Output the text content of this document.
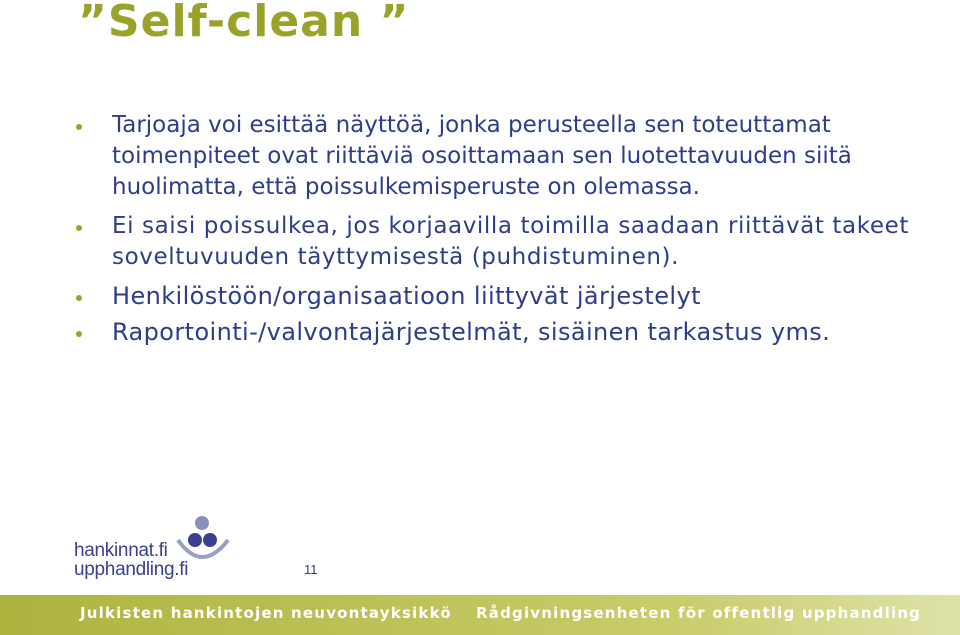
”Self-clean ”
Tarjoaja voi esittää näyttöä, jonka perusteella sen toteuttamat toimenpiteet ovat riittäviä osoittamaan sen luotettavuuden siitä huolimatta, että poissulkemisperuste on olemassa.
Ei saisi poissulkea, jos korjaavilla toimilla saadaan riittävät takeet soveltuvuuden täyttymisestä (puhdistuminen).
Henkilöstöön/organisaatioon liittyvät järjestelyt
Raportointi-/valvontajärjestelmät, sisäinen tarkastus yms.
hankinnat.fi
upphandling.fi	11
Julkisten hankintojen neuvontayksikkö Rådgivningsenheten för offentlig upphandling
